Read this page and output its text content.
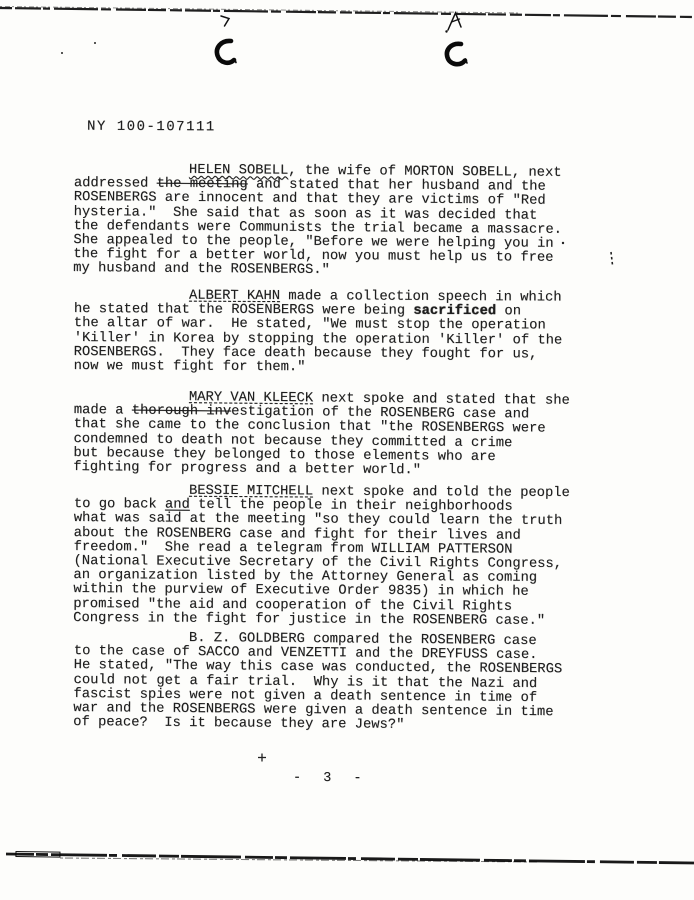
NY 100-107111

HELEN SOBELL, the wife of MORTON SOBELL, next
addressed the meeting and stated that her husband and the
ROSENBERGS are innocent and that they are victims of "Red
hysteria."  She said that as soon as it was decided that
the defendants were Communists the trial became a massacre.
She appealed to the people, "Before we were helping you in
the fight for a better world, now you must help us to free
my husband and the ROSENBERGS."

ALBERT KAHN made a collection speech in which
he stated that the ROSENBERGS were being sacrificed on
the altar of war.  He stated, "We must stop the operation
'Killer' in Korea by stopping the operation 'Killer' of the
ROSENBERGS.  They face death because they fought for us,
now we must fight for them."

MARY VAN KLEECK next spoke and stated that she
made a thorough investigation of the ROSENBERG case and
that she came to the conclusion that "the ROSENBERGS were
condemned to death not because they committed a crime
but because they belonged to those elements who are
fighting for progress and a better world."

BESSIE MITCHELL next spoke and told the people
to go back and tell the people in their neighborhoods
what was said at the meeting "so they could learn the truth
about the ROSENBERG case and fight for their lives and
freedom."  She read a telegram from WILLIAM PATTERSON
(National Executive Secretary of the Civil Rights Congress,
an organization listed by the Attorney General as coming
within the purview of Executive Order 9835) in which he
promised "the aid and cooperation of the Civil Rights
Congress in the fight for justice in the ROSENBERG case."

B. Z. GOLDBERG compared the ROSENBERG case
to the case of SACCO and VENZETTI and the DREYFUSS case.
He stated, "The way this case was conducted, the ROSENBERGS
could not get a fair trial.  Why is it that the Nazi and
fascist spies were not given a death sentence in time of
war and the ROSENBERGS were given a death sentence in time
of peace?  Is it because they are Jews?"

- 3 -
